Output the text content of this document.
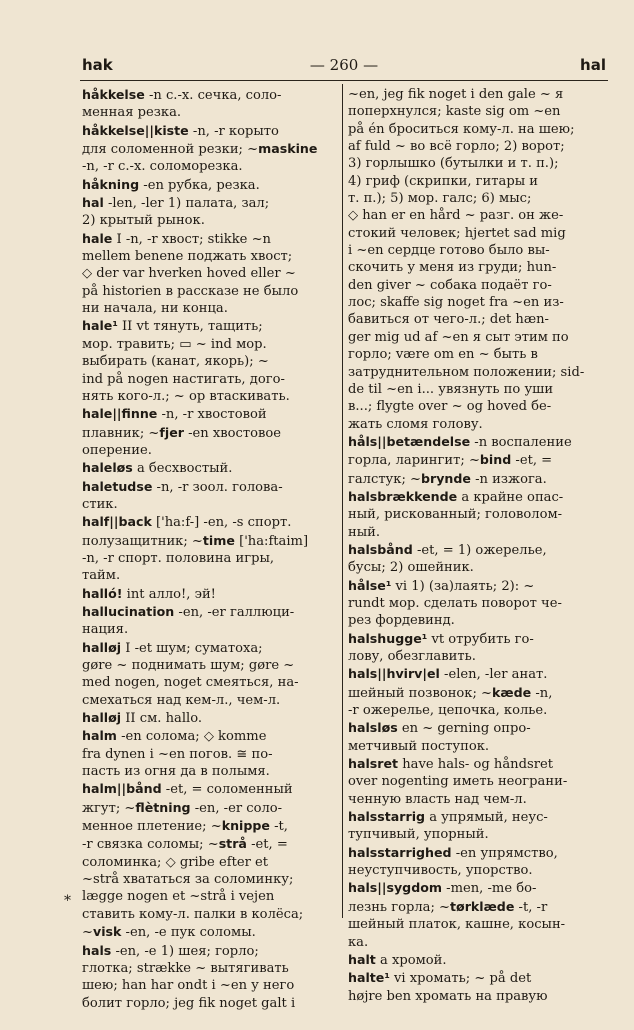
hak	— 260 —	hal
håkkelse -n с.-х. сечка, соло-
менная резка.
håkkelse||kiste -n, -r корыто
для соломенной резки; ~maskine
-n, -r с.-х. соломорезка.
håkning -en рубка, резка.
hal -len, -ler 1) палата, зал;
2) крытый рынок.
hale I -n, -r хвост; stikke ~n
mellem benene поджать хвост;
◇ der var hverken hoved eller ~
på historien в рассказе не было
ни начала, ни конца.
hale¹ II vt тянуть, тащить;
мор. травить; ▭ ~ ind мор.
выбирать (канат, якорь); ~
ind på nogen настигать, дого-
нять кого-л.; ~ op втаскивать.
hale||finne -n, -r хвостовой
плавник; ~fjer -en хвостовое
оперение.
haleløs a бесхвостый.
haletudse -n, -r зоол. голова-
стик.
half||back ['ha:f-] -en, -s спорт.
полузащитник; ~time ['ha:ftaim]
-n, -r спорт. половина игры,
тайм.
halló! int алло!, эй!
hallucination -en, -er галлюци-
нация.
halløj I -et шум; суматоха;
gøre ~ поднимать шум; gøre ~
med nogen, noget смеяться, на-
смехаться над кем-л., чем-л.
halløj II см. hallo.
halm -en солома; ◇ komme
fra dynen i ~en погов. ≅ по-
пасть из огня да в полымя.
halm||bånd -et, = соломенный
жгут; ~flètning -en, -er соло-
менное плетение; ~knippe -t,
-r связка соломы; ~strå -et, =
соломинка; ◇ gribe efter et
~strå хвататься за соломинку;
lægge nogen et ~strå i vejen
ставить кому-л. палки в колёса;
~visk -en, -e пук соломы.
hals -en, -e 1) шея; горло;
глотка; strække ~ вытягивать
шею; han har ondt i ~en у него
болит горло; jeg fik noget galt i
~en, jeg fik noget i den gale ~ я
поперхнулся; kaste sig om ~en
på én броситься кому-л. на шею;
af fuld ~ во всё горло; 2) ворот;
3) горлышко (бутылки и т. п.);
4) гриф (скрипки, гитары и
т. п.); 5) мор. галс; 6) мыс;
◇ han er en hård ~ разг. он же-
стокий человек; hjertet sad mig
i ~en сердце готово было вы-
скочить у меня из груди; hun-
den giver ~ собака подаёт го-
лос; skaffe sig noget fra ~en из-
бавиться от чего-л.; det hæn-
ger mig ud af ~en я сыт этим по
горло; være om en ~ быть в
затруднительном положении; sid-
de til ~en i... увязнуть по уши
в...; flygte over ~ og hoved бе-
жать сломя голову.
håls||betændelse -n воспаление
горла, ларингит; ~bind -et, =
галстук; ~brynde -n изжога.
halsbrækkende a крайне опас-
ный, рискованный; головолом-
ный.
halsbånd -et, = 1) ожерелье,
бусы; 2) ошейник.
hålse¹ vi 1) (за)лаять; 2): ~
rundt мор. сделать поворот че-
рез фордевинд.
halshugge¹ vt отрубить го-
лову, обезглавить.
hals||hvirv|el -elen, -ler анат.
шейный позвонок; ~kæde -n,
-r ожерелье, цепочка, колье.
halsløs en ~ gerning опро-
метчивый поступок.
halsret have hals- og håndsret
over nogenting иметь неограни-
ченную власть над чем-л.
halsstarrig a упрямый, неус-
тупчивый, упорный.
halsstarrighed -en упрямство,
неуступчивость, упорство.
hals||sygdom -men, -me бо-
лезнь горла; ~tørklæde -t, -r
шейный платок, кашне, косын-
ка.
halt a хромой.
halte¹ vi хромать; ~ på det
højre ben хромать на правую
*
